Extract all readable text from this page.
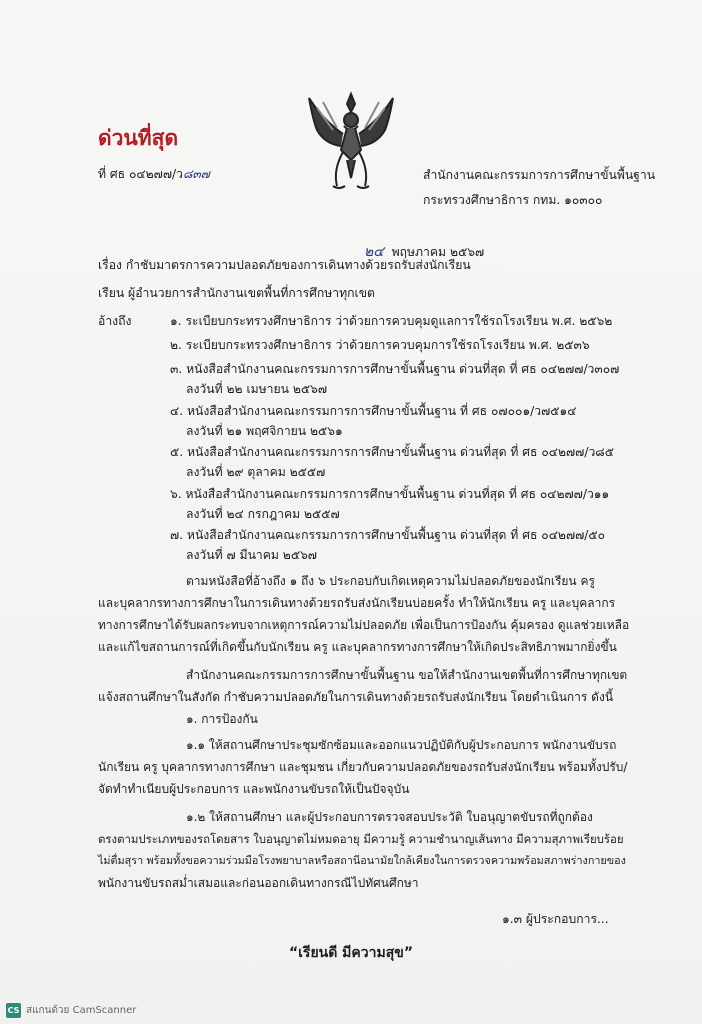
ด่วนที่สุด
ที่ ศธ ๐๔๒๗๗/ว๘๓๗	สำนักงานคณะกรรมการการศึกษาขั้นพื้นฐาน
กระทรวงศึกษาธิการ กทม. ๑๐๓๐๐
๒๔ พฤษภาคม ๒๕๖๗
เรื่อง กำชับมาตรการความปลอดภัยของการเดินทางด้วยรถรับส่งนักเรียน
เรียน ผู้อำนวยการสำนักงานเขตพื้นที่การศึกษาทุกเขต
อ้างถึง	๑. ระเบียบกระทรวงศึกษาธิการ ว่าด้วยการควบคุมดูแลการใช้รถโรงเรียน พ.ศ. ๒๕๖๒
๒. ระเบียบกระทรวงศึกษาธิการ ว่าด้วยการควบคุมการใช้รถโรงเรียน พ.ศ. ๒๕๓๖
๓. หนังสือสำนักงานคณะกรรมการการศึกษาขั้นพื้นฐาน ด่วนที่สุด ที่ ศธ ๐๔๒๗๗/ว๓๐๗
ลงวันที่ ๒๒ เมษายน ๒๕๖๗
๔. หนังสือสำนักงานคณะกรรมการการศึกษาขั้นพื้นฐาน ที่ ศธ ๐๗๐๐๑/ว๗๕๑๔
ลงวันที่ ๒๑ พฤศจิกายน ๒๕๖๑
๕. หนังสือสำนักงานคณะกรรมการการศึกษาขั้นพื้นฐาน ด่วนที่สุด ที่ ศธ ๐๔๒๗๗/ว๘๕
ลงวันที่ ๒๙ ตุลาคม ๒๕๕๗
๖. หนังสือสำนักงานคณะกรรมการการศึกษาขั้นพื้นฐาน ด่วนที่สุด ที่ ศธ ๐๔๒๗๗/ว๑๑
ลงวันที่ ๒๔ กรกฎาคม ๒๕๕๗
๗. หนังสือสำนักงานคณะกรรมการการศึกษาขั้นพื้นฐาน ด่วนที่สุด ที่ ศธ ๐๔๒๗๗/๕๐
ลงวันที่ ๗ มีนาคม ๒๕๖๗
ตามหนังสือที่อ้างถึง ๑ ถึง ๖ ประกอบกับเกิดเหตุความไม่ปลอดภัยของนักเรียน ครู
และบุคลากรทางการศึกษาในการเดินทางด้วยรถรับส่งนักเรียนบ่อยครั้ง ทำให้นักเรียน ครู และบุคลากร
ทางการศึกษาได้รับผลกระทบจากเหตุการณ์ความไม่ปลอดภัย เพื่อเป็นการป้องกัน คุ้มครอง ดูแลช่วยเหลือ
และแก้ไขสถานการณ์ที่เกิดขึ้นกับนักเรียน ครู และบุคลากรทางการศึกษาให้เกิดประสิทธิภาพมากยิ่งขึ้น
สำนักงานคณะกรรมการการศึกษาขั้นพื้นฐาน ขอให้สำนักงานเขตพื้นที่การศึกษาทุกเขต
แจ้งสถานศึกษาในสังกัด กำชับความปลอดภัยในการเดินทางด้วยรถรับส่งนักเรียน โดยดำเนินการ ดังนี้
๑. การป้องกัน
๑.๑ ให้สถานศึกษาประชุมซักซ้อมและออกแนวปฏิบัติกับผู้ประกอบการ พนักงานขับรถ
นักเรียน ครู บุคลากรทางการศึกษา และชุมชน เกี่ยวกับความปลอดภัยของรถรับส่งนักเรียน พร้อมทั้งปรับ/
จัดทำทำเนียบผู้ประกอบการ และพนักงานขับรถให้เป็นปัจจุบัน
๑.๒ ให้สถานศึกษา และผู้ประกอบการตรวจสอบประวัติ ใบอนุญาตขับรถที่ถูกต้อง
ตรงตามประเภทของรถโดยสาร ใบอนุญาตไม่หมดอายุ มีความรู้ ความชำนาญเส้นทาง มีความสุภาพเรียบร้อย
ไม่ดื่มสุรา พร้อมทั้งขอความร่วมมือโรงพยาบาลหรือสถานีอนามัยใกล้เคียงในการตรวจความพร้อมสภาพร่างกายของ
พนักงานขับรถสม่ำเสมอและก่อนออกเดินทางกรณีไปทัศนศึกษา
๑.๓ ผู้ประกอบการ...
“เรียนดี มีความสุข”
CS สแกนด้วย CamScanner
